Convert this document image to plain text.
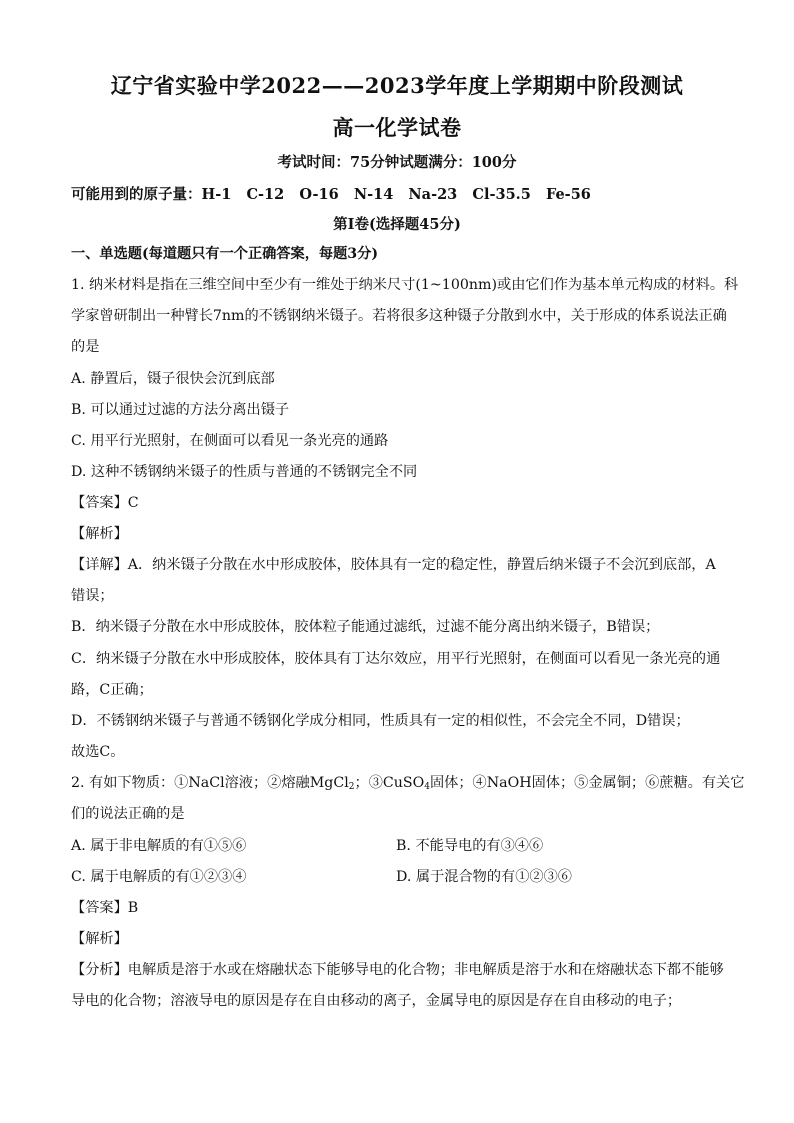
辽宁省实验中学2022——2023学年度上学期期中阶段测试
高一化学试卷
考试时间：75分钟试题满分：100分
可能用到的原子量：H-1   C-12   O-16   N-14   Na-23   Cl-35.5   Fe-56
第Ⅰ卷(选择题45分)
一、单选题(每道题只有一个正确答案，每题3分)
1. 纳米材料是指在三维空间中至少有一维处于纳米尺寸(1~100nm)或由它们作为基本单元构成的材料。科
学家曾研制出一种臂长7nm的不锈钢纳米镊子。若将很多这种镊子分散到水中，关于形成的体系说法正确
的是
A. 静置后，镊子很快会沉到底部
B. 可以通过过滤的方法分离出镊子
C. 用平行光照射，在侧面可以看见一条光亮的通路
D. 这种不锈钢纳米镊子的性质与普通的不锈钢完全不同
【答案】C
【解析】
【详解】A．纳米镊子分散在水中形成胶体，胶体具有一定的稳定性，静置后纳米镊子不会沉到底部，A
错误；
B．纳米镊子分散在水中形成胶体，胶体粒子能通过滤纸，过滤不能分离出纳米镊子，B错误；
C．纳米镊子分散在水中形成胶体，胶体具有丁达尔效应，用平行光照射，在侧面可以看见一条光亮的通
路，C正确；
D．不锈钢纳米镊子与普通不锈钢化学成分相同，性质具有一定的相似性，不会完全不同，D错误；
故选C。
2. 有如下物质：①NaCl溶液；②熔融MgCl$_2$；③CuSO$_4$固体；④NaOH固体；⑤金属铜；⑥蔗糖。有关它
们的说法正确的是
A. 属于非电解质的有①⑤⑥	B. 不能导电的有③④⑥
C. 属于电解质的有①②③④	D. 属于混合物的有①②③⑥
【答案】B
【解析】
【分析】电解质是溶于水或在熔融状态下能够导电的化合物；非电解质是溶于水和在熔融状态下都不能够
导电的化合物；溶液导电的原因是存在自由移动的离子，金属导电的原因是存在自由移动的电子；
